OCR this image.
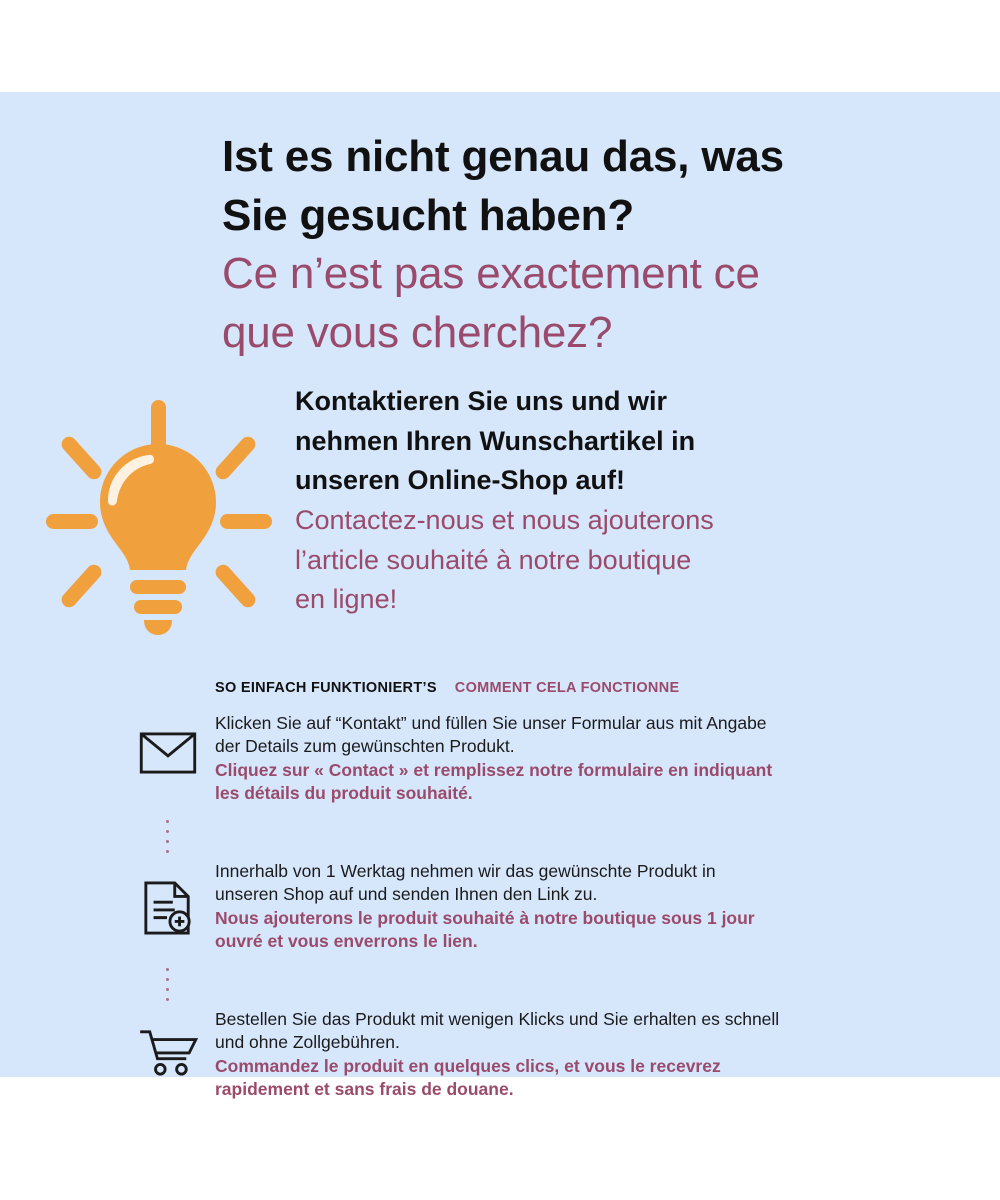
Ist es nicht genau das, was
Sie gesucht haben?

Ce n’est pas exactement ce
que vous cherchez?

Kontaktieren Sie uns und wir
nehmen Ihren Wunschartikel in
unseren Online-Shop auf!

Contactez-nous et nous ajouterons
l’article souhaité à notre boutique
en ligne!

SO EINFACH FUNKTIONIERT’S COMMENT CELA FONCTIONNE

Klicken Sie auf “Kontakt” und füllen Sie unser Formular aus mit Angabe
der Details zum gewünschten Produkt.

Cliquez sur « Contact » et remplissez notre formulaire en indiquant
les détails du produit souhaité.

Innerhalb von 1 Werktag nehmen wir das gewünschte Produkt in
unseren Shop auf und senden Ihnen den Link zu.

Nous ajouterons le produit souhaité à notre boutique sous 1 jour
ouvré et vous enverrons le lien.

Bestellen Sie das Produkt mit wenigen Klicks und Sie erhalten es schnell
und ohne Zollgebühren.

Commandez le produit en quelques clics, et vous le recevrez
rapidement et sans frais de douane.
